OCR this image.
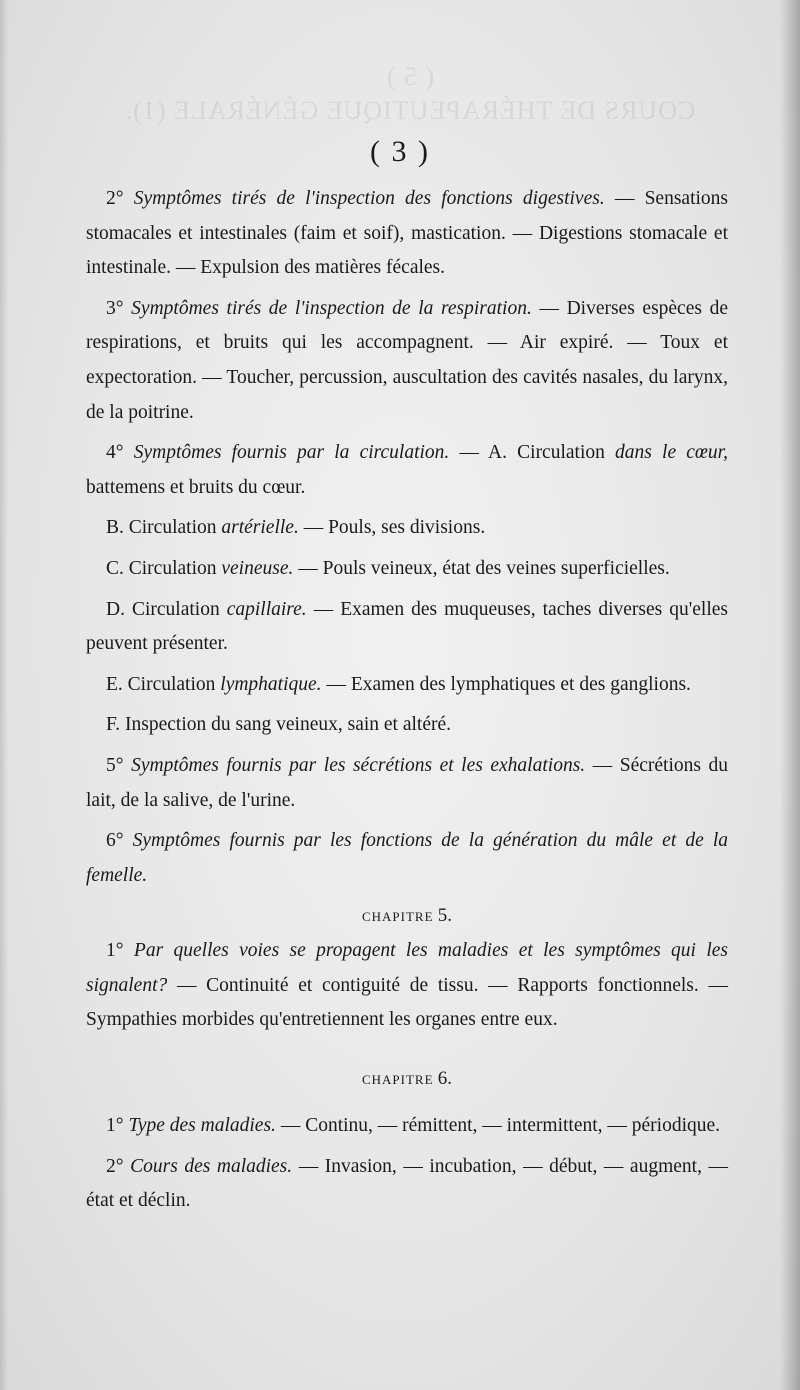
( 5 )
COURS DE THÉRAPEUTIQUE GÉNÉRALE (1).
( 3 )

2° Symptômes tirés de l'inspection des fonctions digestives. — Sensations stomacales et intestinales (faim et soif), mastication. — Digestions stomacale et intestinale. — Expulsion des matières fécales.

3° Symptômes tirés de l'inspection de la respiration. — Diverses espèces de respirations, et bruits qui les accompagnent. — Air expiré. — Toux et expectoration. — Toucher, percussion, auscultation des cavités nasales, du larynx, de la poitrine.

4° Symptômes fournis par la circulation. — A. Circulation dans le cœur, battemens et bruits du cœur.

B. Circulation artérielle. — Pouls, ses divisions.

C. Circulation veineuse. — Pouls veineux, état des veines superficielles.

D. Circulation capillaire. — Examen des muqueuses, taches diverses qu'elles peuvent présenter.

E. Circulation lymphatique. — Examen des lymphatiques et des ganglions.

F. Inspection du sang veineux, sain et altéré.

5° Symptômes fournis par les sécrétions et les exhalations. — Sécrétions du lait, de la salive, de l'urine.

6° Symptômes fournis par les fonctions de la génération du mâle et de la femelle.

CHAPITRE 5.

1° Par quelles voies se propagent les maladies et les symptômes qui les signalent? — Continuité et contiguité de tissu. — Rapports fonctionnels. — Sympathies morbides qu'entretiennent les organes entre eux.

CHAPITRE 6.

1° Type des maladies. — Continu, — rémittent, — intermittent, — périodique.

2° Cours des maladies. — Invasion, — incubation, — début, — augment, — état et déclin.
